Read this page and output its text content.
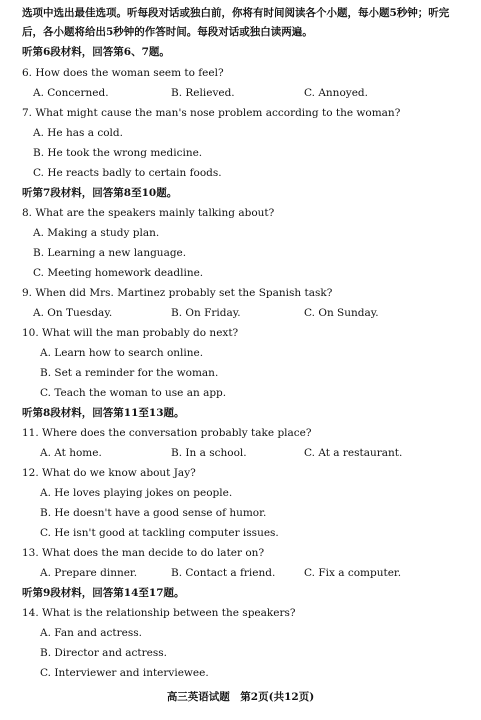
选项中选出最佳选项。听每段对话或独白前，你将有时间阅读各个小题，每小题5秒钟；听完
后，各小题将给出5秒钟的作答时间。每段对话或独白读两遍。
听第6段材料，回答第6、7题。
6. How does the woman seem to feel?
A. Concerned.	B. Relieved.	C. Annoyed.
7. What might cause the man's nose problem according to the woman?
A. He has a cold.
B. He took the wrong medicine.
C. He reacts badly to certain foods.
听第7段材料，回答第8至10题。
8. What are the speakers mainly talking about?
A. Making a study plan.
B. Learning a new language.
C. Meeting homework deadline.
9. When did Mrs. Martinez probably set the Spanish task?
A. On Tuesday.	B. On Friday.	C. On Sunday.
10. What will the man probably do next?
A. Learn how to search online.
B. Set a reminder for the woman.
C. Teach the woman to use an app.
听第8段材料，回答第11至13题。
11. Where does the conversation probably take place?
A. At home.	B. In a school.	C. At a restaurant.
12. What do we know about Jay?
A. He loves playing jokes on people.
B. He doesn't have a good sense of humor.
C. He isn't good at tackling computer issues.
13. What does the man decide to do later on?
A. Prepare dinner.	B. Contact a friend.	C. Fix a computer.
听第9段材料，回答第14至17题。
14. What is the relationship between the speakers?
A. Fan and actress.
B. Director and actress.
C. Interviewer and interviewee.
高三英语试题　第2页(共12页)
